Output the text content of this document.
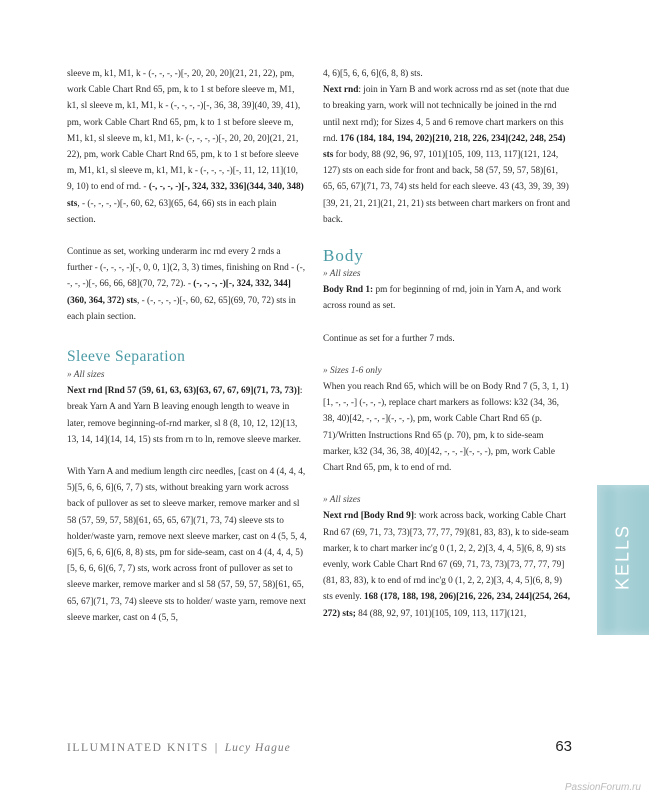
sleeve m, k1, M1, k - (-, -, -, -)[-, 20, 20, 20](21, 21, 22), pm, work Cable Chart Rnd 65, pm, k to 1 st before sleeve m, M1, k1, sl sleeve m, k1, M1, k - (-, -, -, -)[-, 36, 38, 39](40, 39, 41), pm, work Cable Chart Rnd 65, pm, k to 1 st before sleeve m, M1, k1, sl sleeve m, k1, M1, k- (-, -, -, -)[-, 20, 20, 20](21, 21, 22), pm, work Cable Chart Rnd 65, pm, k to 1 st before sleeve m, M1, k1, sl sleeve m, k1, M1, k - (-, -, -, -)[-, 11, 12, 11](10, 9, 10) to end of rnd. - (-, -, -, -)[-, 324, 332, 336](344, 340, 348) sts, - (-, -, -, -)[-, 60, 62, 63](65, 64, 66) sts in each plain section.

Continue as set, working underarm inc rnd every 2 rnds a further - (-, -, -, -)[-, 0, 0, 1](2, 3, 3) times, finishing on Rnd - (-, -, -, -)[-, 66, 66, 68](70, 72, 72). - (-, -, -, -)[-, 324, 332, 344](360, 364, 372) sts, - (-, -, -, -)[-, 60, 62, 65](69, 70, 72) sts in each plain section.

Sleeve Separation

» All sizes

Next rnd [Rnd 57 (59, 61, 63, 63)[63, 67, 67, 69](71, 73, 73)]: break Yarn A and Yarn B leaving enough length to weave in later, remove beginning-of-rnd marker, sl 8 (8, 10, 12, 12)[13, 13, 14, 14](14, 14, 15) sts from rn to ln, remove sleeve marker.

With Yarn A and medium length circ needles, [cast on 4 (4, 4, 4, 5)[5, 6, 6, 6](6, 7, 7) sts, without breaking yarn work across back of pullover as set to sleeve marker, remove marker and sl 58 (57, 59, 57, 58)[61, 65, 65, 67](71, 73, 74) sleeve sts to holder/waste yarn, remove next sleeve marker, cast on 4 (5, 5, 4, 6)[5, 6, 6, 6](6, 8, 8) sts, pm for side-seam, cast on 4 (4, 4, 4, 5)[5, 6, 6, 6](6, 7, 7) sts, work across front of pullover as set to sleeve marker, remove marker and sl 58 (57, 59, 57, 58)[61, 65, 65, 67](71, 73, 74) sleeve sts to holder/ waste yarn, remove next sleeve marker, cast on 4 (5, 5,

4, 6)[5, 6, 6, 6](6, 8, 8) sts.

Next rnd: join in Yarn B and work across rnd as set (note that due to breaking yarn, work will not technically be joined in the rnd until next rnd); for Sizes 4, 5 and 6 remove chart markers on this rnd. 176 (184, 184, 194, 202)[210, 218, 226, 234](242, 248, 254) sts for body, 88 (92, 96, 97, 101)[105, 109, 113, 117](121, 124, 127) sts on each side for front and back, 58 (57, 59, 57, 58)[61, 65, 65, 67](71, 73, 74) sts held for each sleeve. 43 (43, 39, 39, 39)[39, 21, 21, 21](21, 21, 21) sts between chart markers on front and back.

Body

» All sizes

Body Rnd 1: pm for beginning of rnd, join in Yarn A, and work across round as set.

Continue as set for a further 7 rnds.

» Sizes 1-6 only

When you reach Rnd 65, which will be on Body Rnd 7 (5, 3, 1, 1) [1, -, -, -] (-, -, -), replace chart markers as follows: k32 (34, 36, 38, 40)[42, -, -, -](-, -, -), pm, work Cable Chart Rnd 65 (p. 71)/Written Instructions Rnd 65 (p. 70), pm, k to side-seam marker, k32 (34, 36, 38, 40)[42, -, -, -](-, -, -), pm, work Cable Chart Rnd 65, pm, k to end of rnd.

» All sizes

Next rnd [Body Rnd 9]: work across back, working Cable Chart Rnd 67 (69, 71, 73, 73)[73, 77, 77, 79](81, 83, 83), k to side-seam marker, k to chart marker inc'g 0 (1, 2, 2, 2)[3, 4, 4, 5](6, 8, 9) sts evenly, work Cable Chart Rnd 67 (69, 71, 73, 73)[73, 77, 77, 79](81, 83, 83), k to end of rnd inc'g 0 (1, 2, 2, 2)[3, 4, 4, 5](6, 8, 9) sts evenly. 168 (178, 188, 198, 206)[216, 226, 234, 244](254, 264, 272) sts; 84 (88, 92, 97, 101)[105, 109, 113, 117](121,

KELLS
ILLUMINATED KNITS | Lucy Hague	63
PassionForum.ru
